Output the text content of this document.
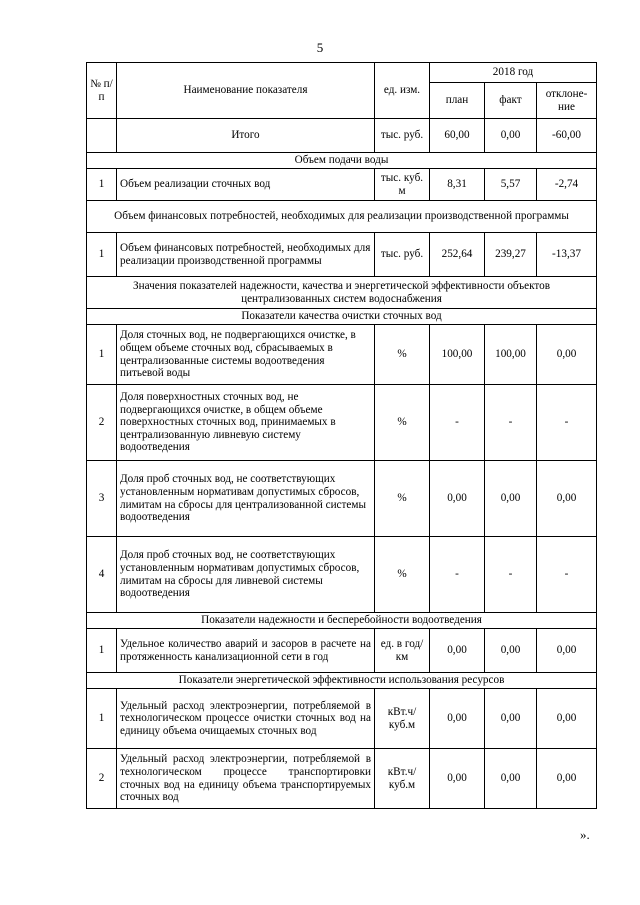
5
№ п/п	Наименование показателя	ед. изм.	2018 год		
			план	факт	отклоне-ние
	Итого	тыс. руб.	60,00	0,00	-60,00
Объем подачи воды					
1	Объем реализации сточных вод	тыс. куб. м	8,31	5,57	-2,74
Объем финансовых потребностей, необходимых для реализации производственной программы					
1	Объем финансовых потребностей, необходимых для реализации производственной программы	тыс. руб.	252,64	239,27	-13,37
Значения показателей надежности, качества и энергетической эффективности объектов централизованных систем водоснабжения					
Показатели качества очистки сточных вод					
1	Доля сточных вод, не подвергающихся очистке, в общем объеме сточных вод, сбрасываемых в централизованные системы водоотведения питьевой воды	%	100,00	100,00	0,00
2	Доля поверхностных сточных вод, не подвергающихся очистке, в общем объеме поверхностных сточных вод, принимаемых в централизованную ливневую систему водоотведения	%	-	-	-
3	Доля проб сточных вод, не соответствующих установленным нормативам допустимых сбросов, лимитам на сбросы для централизованной системы водоотведения	%	0,00	0,00	0,00
4	Доля проб сточных вод, не соответствующих установленным нормативам допустимых сбросов, лимитам на сбросы для ливневой системы водоотведения	%	-	-	-
Показатели надежности и бесперебойности водоотведения					
1	Удельное количество аварий и засоров в расчете на протяженность канализационной сети в год	ед. в год/ км	0,00	0,00	0,00
Показатели энергетической эффективности использования ресурсов					
1	Удельный расход электроэнергии, потребляемой в технологическом процессе очистки сточных вод на единицу объема очищаемых сточных вод	кВт.ч/ куб.м	0,00	0,00	0,00
2	Удельный расход электроэнергии, потребляемой в технологическом процессе транспортировки сточных вод на единицу объема транспортируемых сточных вод	кВт.ч/ куб.м	0,00	0,00	0,00
».
